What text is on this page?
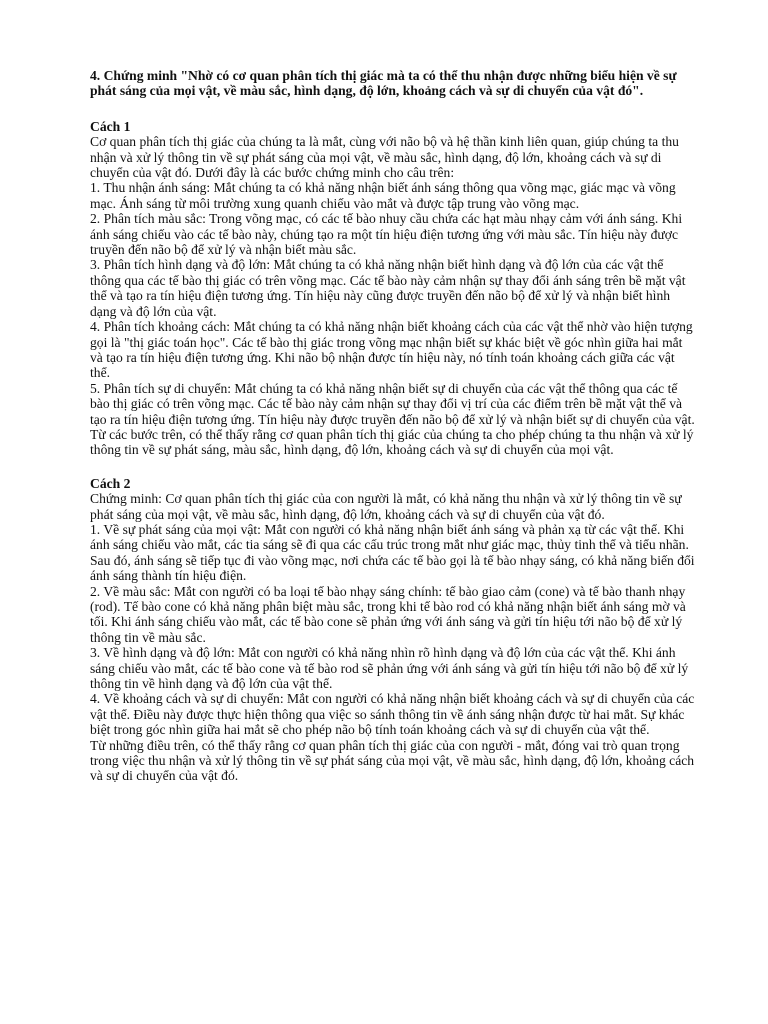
4. Chứng minh "Nhờ có cơ quan phân tích thị giác mà ta có thể thu nhận được những biểu hiện về sự phát sáng của mọi vật, về màu sắc, hình dạng, độ lớn, khoảng cách và sự di chuyển của vật đó".

Cách 1

Cơ quan phân tích thị giác của chúng ta là mắt, cùng với não bộ và hệ thần kinh liên quan, giúp chúng ta thu nhận và xử lý thông tin về sự phát sáng của mọi vật, về màu sắc, hình dạng, độ lớn, khoảng cách và sự di chuyển của vật đó. Dưới đây là các bước chứng minh cho câu trên:

1. Thu nhận ánh sáng: Mắt chúng ta có khả năng nhận biết ánh sáng thông qua võng mạc, giác mạc và võng mạc. Ánh sáng từ môi trường xung quanh chiếu vào mắt và được tập trung vào võng mạc.

2. Phân tích màu sắc: Trong võng mạc, có các tế bào nhuy cầu chứa các hạt màu nhạy cảm với ánh sáng. Khi ánh sáng chiếu vào các tế bào này, chúng tạo ra một tín hiệu điện tương ứng với màu sắc. Tín hiệu này được truyền đến não bộ để xử lý và nhận biết màu sắc.

3. Phân tích hình dạng và độ lớn: Mắt chúng ta có khả năng nhận biết hình dạng và độ lớn của các vật thể thông qua các tế bào thị giác có trên võng mạc. Các tế bào này cảm nhận sự thay đổi ánh sáng trên bề mặt vật thể và tạo ra tín hiệu điện tương ứng. Tín hiệu này cũng được truyền đến não bộ để xử lý và nhận biết hình dạng và độ lớn của vật.

4. Phân tích khoảng cách: Mắt chúng ta có khả năng nhận biết khoảng cách của các vật thể nhờ vào hiện tượng gọi là "thị giác toán học". Các tế bào thị giác trong võng mạc nhận biết sự khác biệt về góc nhìn giữa hai mắt và tạo ra tín hiệu điện tương ứng. Khi não bộ nhận được tín hiệu này, nó tính toán khoảng cách giữa các vật thể.

5. Phân tích sự di chuyển: Mắt chúng ta có khả năng nhận biết sự di chuyển của các vật thể thông qua các tế bào thị giác có trên võng mạc. Các tế bào này cảm nhận sự thay đổi vị trí của các điểm trên bề mặt vật thể và tạo ra tín hiệu điện tương ứng. Tín hiệu này được truyền đến não bộ để xử lý và nhận biết sự di chuyển của vật.

Từ các bước trên, có thể thấy rằng cơ quan phân tích thị giác của chúng ta cho phép chúng ta thu nhận và xử lý thông tin về sự phát sáng, màu sắc, hình dạng, độ lớn, khoảng cách và sự di chuyển của mọi vật.

Cách 2

Chứng minh: Cơ quan phân tích thị giác của con người là mắt, có khả năng thu nhận và xử lý thông tin về sự phát sáng của mọi vật, về màu sắc, hình dạng, độ lớn, khoảng cách và sự di chuyển của vật đó.

1. Về sự phát sáng của mọi vật: Mắt con người có khả năng nhận biết ánh sáng và phản xạ từ các vật thể. Khi ánh sáng chiếu vào mắt, các tia sáng sẽ đi qua các cấu trúc trong mắt như giác mạc, thủy tinh thể và tiểu nhãn. Sau đó, ánh sáng sẽ tiếp tục đi vào võng mạc, nơi chứa các tế bào gọi là tế bào nhạy sáng, có khả năng biến đổi ánh sáng thành tín hiệu điện.

2. Về màu sắc: Mắt con người có ba loại tế bào nhạy sáng chính: tế bào giao cảm (cone) và tế bào thanh nhạy (rod). Tế bào cone có khả năng phân biệt màu sắc, trong khi tế bào rod có khả năng nhận biết ánh sáng mờ và tối. Khi ánh sáng chiếu vào mắt, các tế bào cone sẽ phản ứng với ánh sáng và gửi tín hiệu tới não bộ để xử lý thông tin về màu sắc.

3. Về hình dạng và độ lớn: Mắt con người có khả năng nhìn rõ hình dạng và độ lớn của các vật thể. Khi ánh sáng chiếu vào mắt, các tế bào cone và tế bào rod sẽ phản ứng với ánh sáng và gửi tín hiệu tới não bộ để xử lý thông tin về hình dạng và độ lớn của vật thể.

4. Về khoảng cách và sự di chuyển: Mắt con người có khả năng nhận biết khoảng cách và sự di chuyển của các vật thể. Điều này được thực hiện thông qua việc so sánh thông tin về ánh sáng nhận được từ hai mắt. Sự khác biệt trong góc nhìn giữa hai mắt sẽ cho phép não bộ tính toán khoảng cách và sự di chuyển của vật thể.

Từ những điều trên, có thể thấy rằng cơ quan phân tích thị giác của con người - mắt, đóng vai trò quan trọng trong việc thu nhận và xử lý thông tin về sự phát sáng của mọi vật, về màu sắc, hình dạng, độ lớn, khoảng cách và sự di chuyển của vật đó.
